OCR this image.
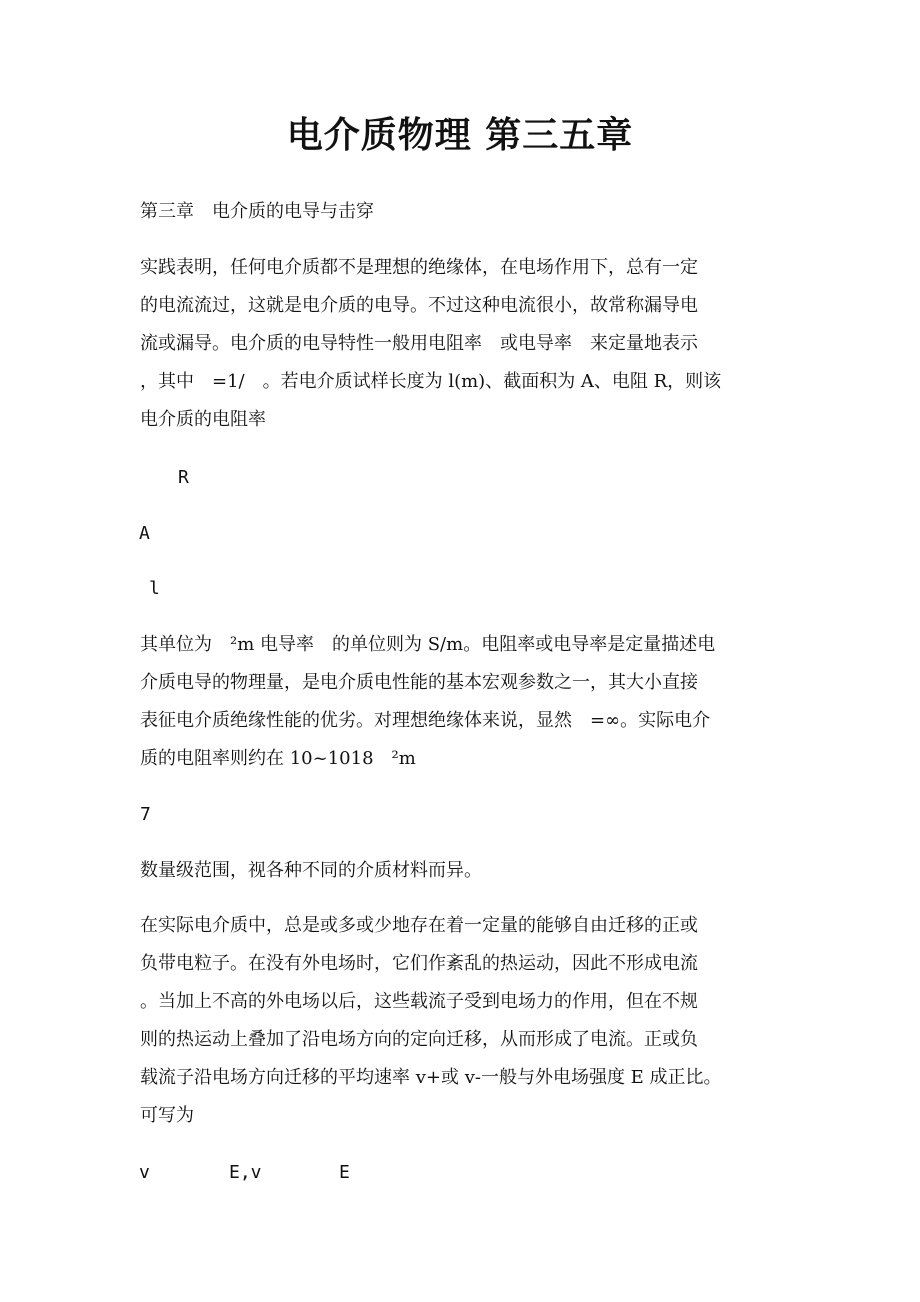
电介质物理 第三五章

第三章　电介质的电导与击穿

实践表明，任何电介质都不是理想的绝缘体，在电场作用下，总有一定

的电流流过，这就是电介质的电导。不过这种电流很小，故常称漏导电

流或漏导。电介质的电导特性一般用电阻率　或电导率　来定量地表示

，其中　=1/　。若电介质试样长度为 l(m)、截面积为 A、电阻 R，则该

电介质的电阻率

R

A

l

其单位为　²m 电导率　的单位则为 S/m。电阻率或电导率是定量描述电

介质电导的物理量，是电介质电性能的基本宏观参数之一，其大小直接

表征电介质绝缘性能的优劣。对理想绝缘体来说，显然　=∞。实际电介

质的电阻率则约在 10~1018　²m

7

数量级范围，视各种不同的介质材料而异。

在实际电介质中，总是或多或少地存在着一定量的能够自由迁移的正或

负带电粒子。在没有外电场时，它们作紊乱的热运动，因此不形成电流

。当加上不高的外电场以后，这些载流子受到电场力的作用，但在不规

则的热运动上叠加了沿电场方向的定向迁移，从而形成了电流。正或负

载流子沿电场方向迁移的平均速率 v+或 v-一般与外电场强度 E 成正比。

可写为

v	E,v	E
